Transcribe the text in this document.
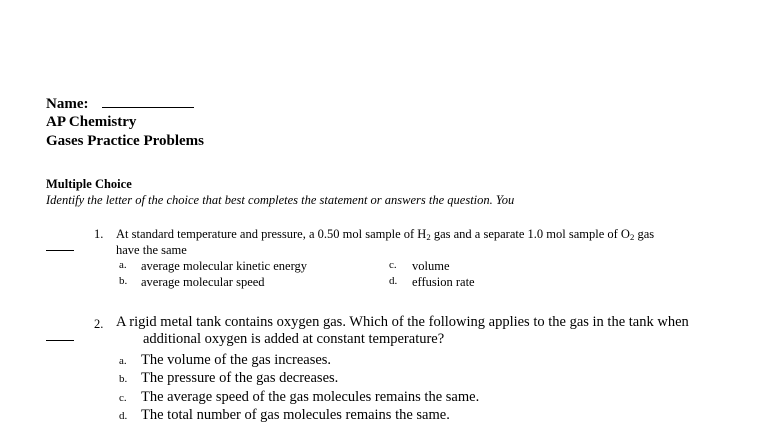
Name:
AP Chemistry
Gases Practice Problems
Multiple Choice
Identify the letter of the choice that best completes the statement or answers the question. You
1. At standard temperature and pressure, a 0.50 mol sample of $H_2$ gas and a separate 1.0 mol sample of $O_2$ gas
have the same
a. average molecular kinetic energy
b. average molecular speed
c. volume
d. effusion rate
2. A rigid metal tank contains oxygen gas. Which of the following applies to the gas in the tank when
additional oxygen is added at constant temperature?
a. The volume of the gas increases.
b. The pressure of the gas decreases.
c. The average speed of the gas molecules remains the same.
d. The total number of gas molecules remains the same.
